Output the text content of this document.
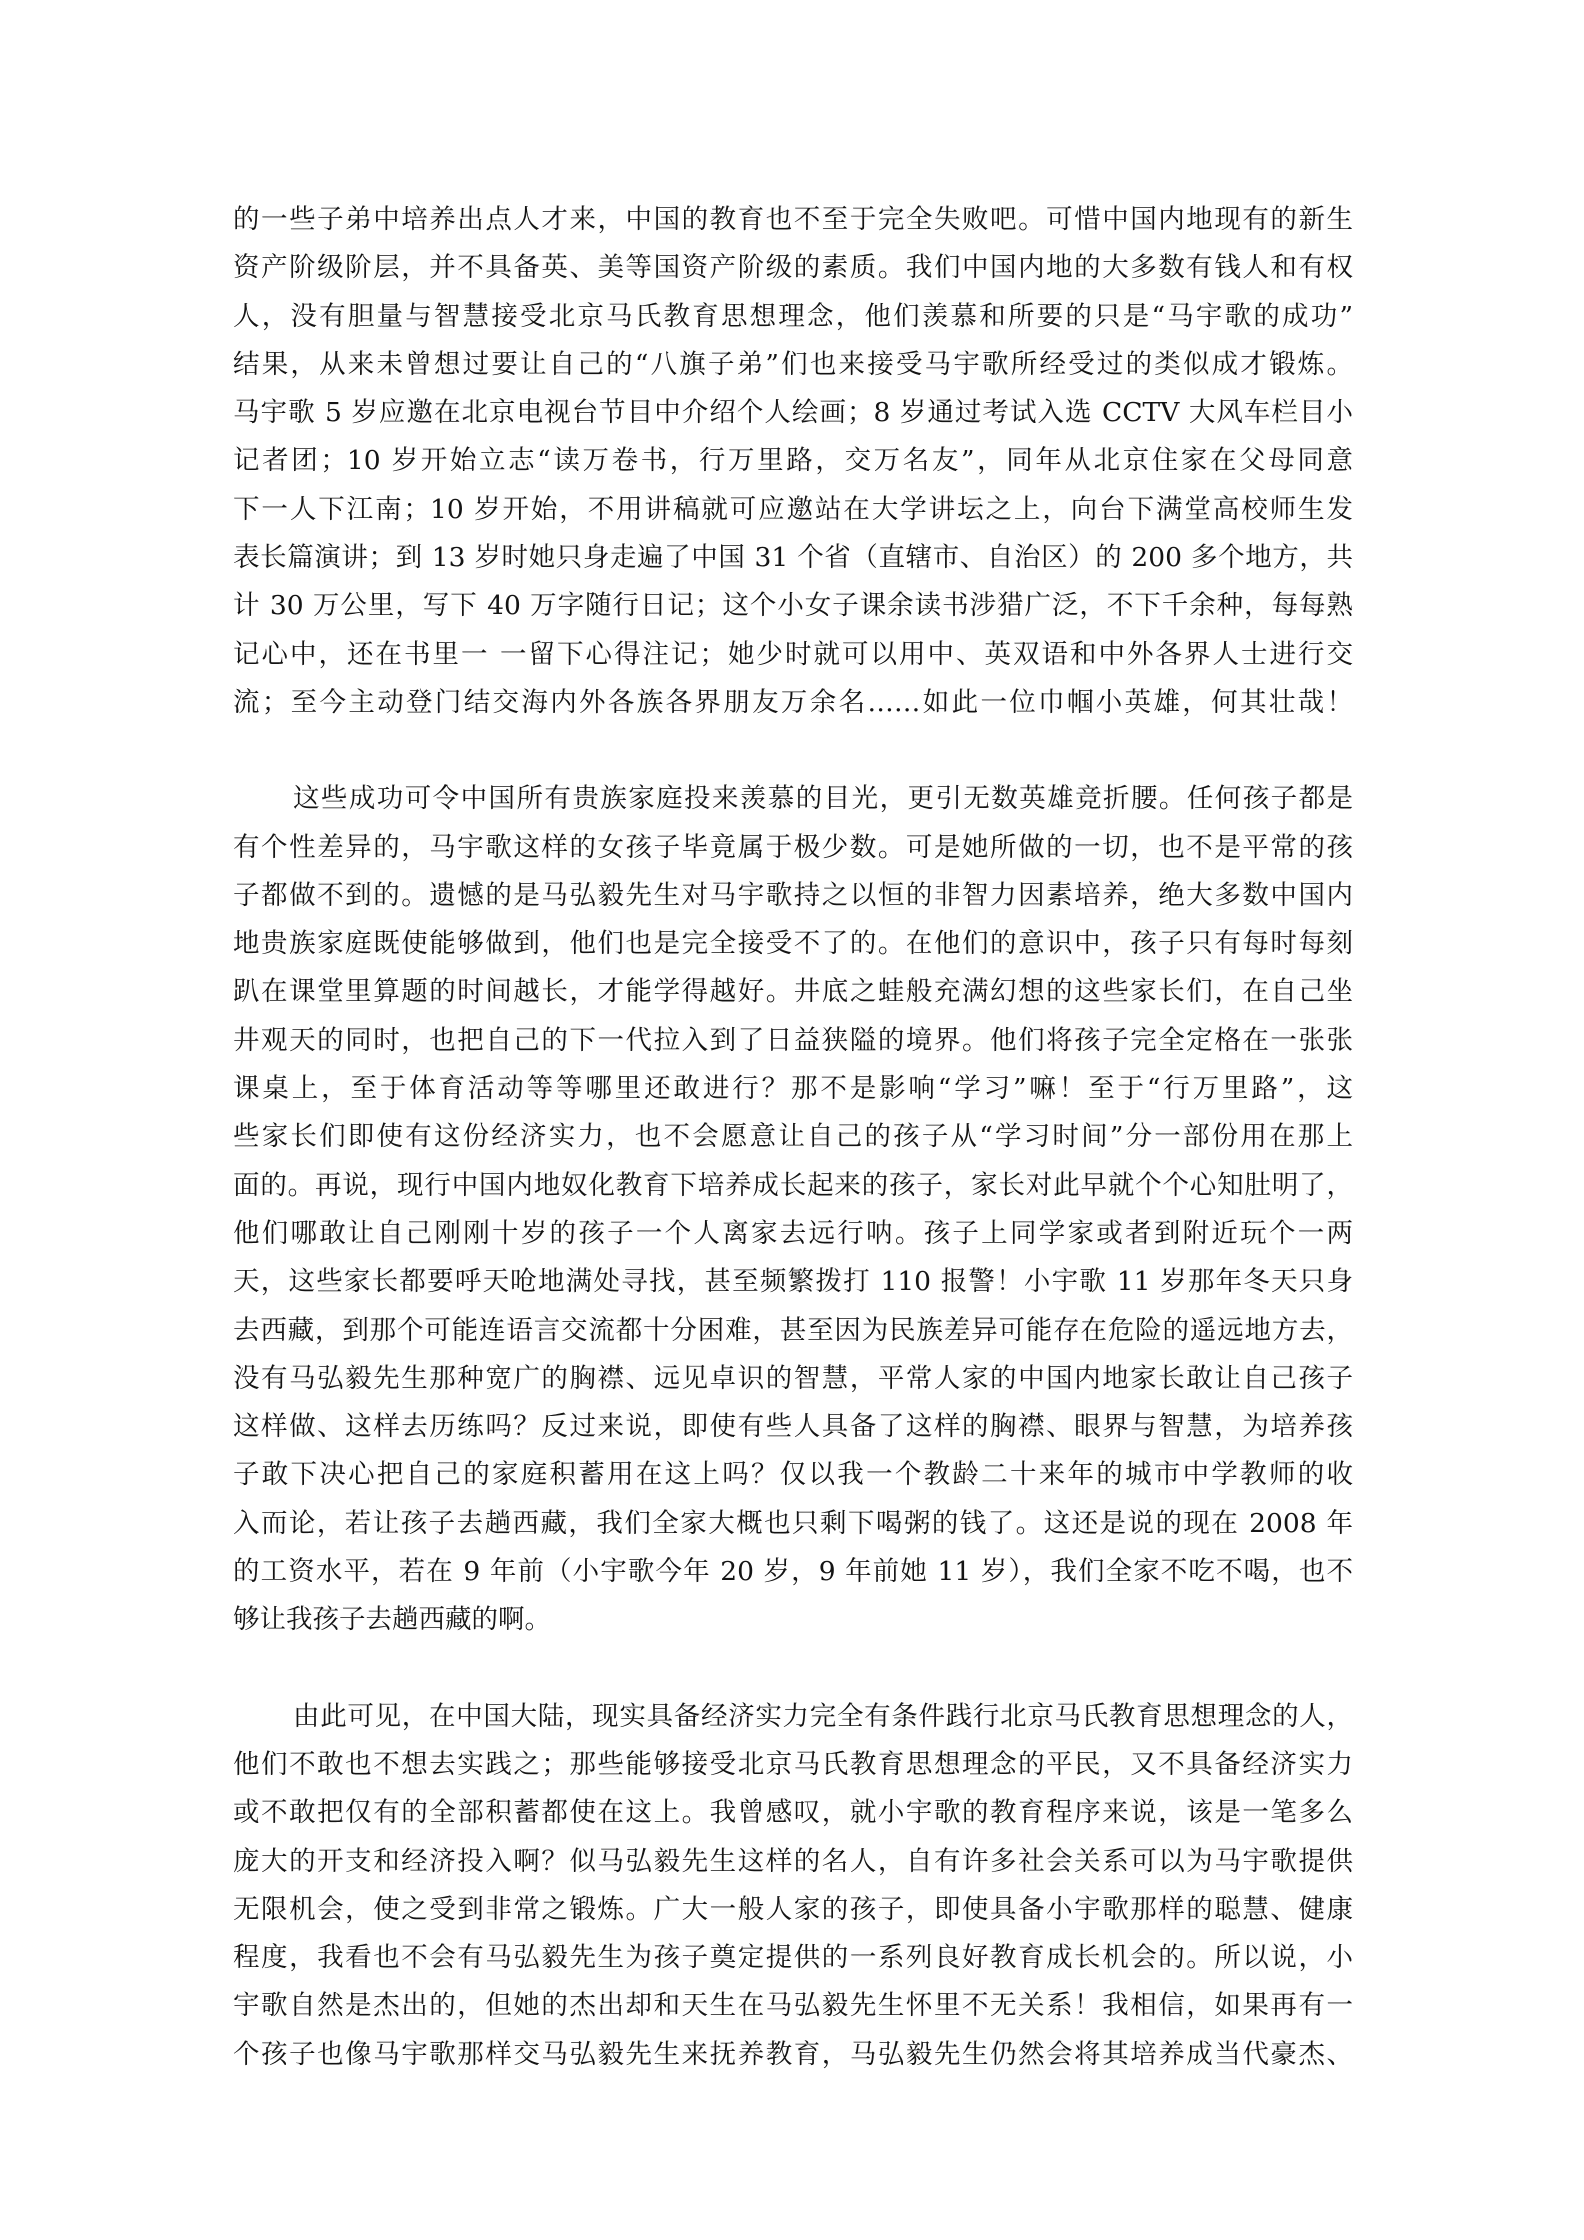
的一些子弟中培养出点人才来，中国的教育也不至于完全失败吧。可惜中国内地现有的新生
资产阶级阶层，并不具备英、美等国资产阶级的素质。我们中国内地的大多数有钱人和有权
人，没有胆量与智慧接受北京马氏教育思想理念，他们羡慕和所要的只是“马宇歌的成功”
结果，从来未曾想过要让自己的“八旗子弟”们也来接受马宇歌所经受过的类似成才锻炼。
马宇歌 5 岁应邀在北京电视台节目中介绍个人绘画；8 岁通过考试入选 CCTV 大风车栏目小
记者团；10 岁开始立志“读万卷书，行万里路，交万名友”，同年从北京住家在父母同意
下一人下江南；10 岁开始，不用讲稿就可应邀站在大学讲坛之上，向台下满堂高校师生发
表长篇演讲；到 13 岁时她只身走遍了中国 31 个省（直辖市、自治区）的 200 多个地方，共
计 30 万公里，写下 40 万字随行日记；这个小女子课余读书涉猎广泛，不下千余种，每每熟
记心中，还在书里一 一留下心得注记；她少时就可以用中、英双语和中外各界人士进行交
流；至今主动登门结交海内外各族各界朋友万余名……如此一位巾帼小英雄，何其壮哉！
这些成功可令中国所有贵族家庭投来羡慕的目光，更引无数英雄竞折腰。任何孩子都是
有个性差异的，马宇歌这样的女孩子毕竟属于极少数。可是她所做的一切，也不是平常的孩
子都做不到的。遗憾的是马弘毅先生对马宇歌持之以恒的非智力因素培养，绝大多数中国内
地贵族家庭既使能够做到，他们也是完全接受不了的。在他们的意识中，孩子只有每时每刻
趴在课堂里算题的时间越长，才能学得越好。井底之蛙般充满幻想的这些家长们，在自己坐
井观天的同时，也把自己的下一代拉入到了日益狭隘的境界。他们将孩子完全定格在一张张
课桌上，至于体育活动等等哪里还敢进行？那不是影响“学习”嘛！至于“行万里路”，这
些家长们即使有这份经济实力，也不会愿意让自己的孩子从“学习时间”分一部份用在那上
面的。再说，现行中国内地奴化教育下培养成长起来的孩子，家长对此早就个个心知肚明了，
他们哪敢让自己刚刚十岁的孩子一个人离家去远行呐。孩子上同学家或者到附近玩个一两
天，这些家长都要呼天呛地满处寻找，甚至频繁拨打 110 报警！小宇歌 11 岁那年冬天只身
去西藏，到那个可能连语言交流都十分困难，甚至因为民族差异可能存在危险的遥远地方去，
没有马弘毅先生那种宽广的胸襟、远见卓识的智慧，平常人家的中国内地家长敢让自己孩子
这样做、这样去历练吗？反过来说，即使有些人具备了这样的胸襟、眼界与智慧，为培养孩
子敢下决心把自己的家庭积蓄用在这上吗？仅以我一个教龄二十来年的城市中学教师的收
入而论，若让孩子去趟西藏，我们全家大概也只剩下喝粥的钱了。这还是说的现在 2008 年
的工资水平，若在 9 年前（小宇歌今年 20 岁，9 年前她 11 岁），我们全家不吃不喝，也不
够让我孩子去趟西藏的啊。
由此可见，在中国大陆，现实具备经济实力完全有条件践行北京马氏教育思想理念的人，
他们不敢也不想去实践之；那些能够接受北京马氏教育思想理念的平民，又不具备经济实力
或不敢把仅有的全部积蓄都使在这上。我曾感叹，就小宇歌的教育程序来说，该是一笔多么
庞大的开支和经济投入啊？似马弘毅先生这样的名人，自有许多社会关系可以为马宇歌提供
无限机会，使之受到非常之锻炼。广大一般人家的孩子，即使具备小宇歌那样的聪慧、健康
程度，我看也不会有马弘毅先生为孩子奠定提供的一系列良好教育成长机会的。所以说，小
宇歌自然是杰出的，但她的杰出却和天生在马弘毅先生怀里不无关系！我相信，如果再有一
个孩子也像马宇歌那样交马弘毅先生来抚养教育，马弘毅先生仍然会将其培养成当代豪杰、
